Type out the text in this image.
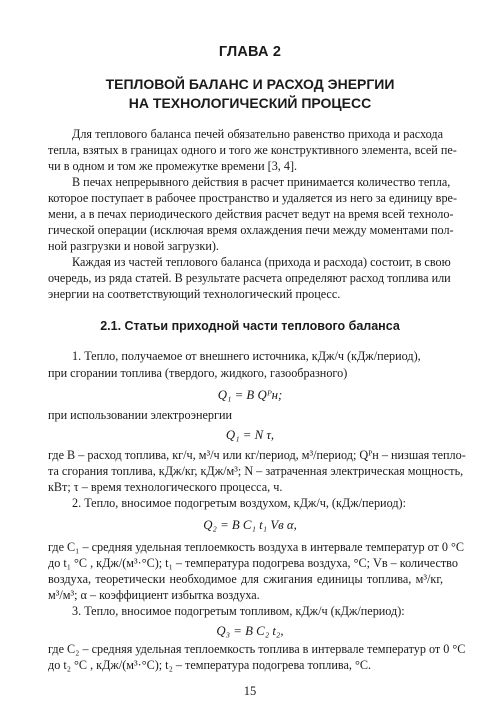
ГЛАВА 2
ТЕПЛОВОЙ БАЛАНС И РАСХОД ЭНЕРГИИ
НА ТЕХНОЛОГИЧЕСКИЙ ПРОЦЕСС
Для теплового баланса печей обязательно равенство прихода и расхода
тепла, взятых в границах одного и того же конструктивного элемента, всей пе-
чи в одном и том же промежутке времени [3, 4].
В печах непрерывного действия в расчет принимается количество тепла,
которое поступает в рабочее пространство и удаляется из него за единицу вре-
мени, а в печах периодического действия расчет ведут на время всей техноло-
гической операции (исключая время охлаждения печи между моментами пол-
ной разгрузки и новой загрузки).
Каждая из частей теплового баланса (прихода и расхода) состоит, в свою
очередь, из ряда статей. В результате расчета определяют расход топлива или
энергии на соответствующий технологический процесс.
2.1. Статьи приходной части теплового баланса
1. Тепло, получаемое от внешнего источника, кДж/ч (кДж/период),
при сгорании топлива (твердого, жидкого, газообразного)
Q₁ = B Qᴾн;
при использовании электроэнергии
Q₁ = N τ,
где B – расход топлива, кг/ч, м³/ч или кг/период, м³/период; Qᴾн – низшая тепло-
та сгорания топлива, кДж/кг, кДж/м³; N – затраченная электрическая мощность,
кВт; τ – время технологического процесса, ч.
2. Тепло, вносимое подогретым воздухом, кДж/ч, (кДж/период):
Q₂ = B C₁ t₁ Vв α,
где C₁ – средняя удельная теплоемкость воздуха в интервале температур от 0 °С
до t₁ °С , кДж/(м³·°С); t₁ – температура подогрева воздуха, °С; Vв – количество
воздуха, теоретически необходимое для сжигания единицы топлива, м³/кг,
м³/м³; α – коэффициент избытка воздуха.
3. Тепло, вносимое подогретым топливом, кДж/ч (кДж/период):
Q₃ = B C₂ t₂,
где C₂ – средняя удельная теплоемкость топлива в интервале температур от 0 °С
до t₂ °С , кДж/(м³·°С); t₂ – температура подогрева топлива, °С.
15
